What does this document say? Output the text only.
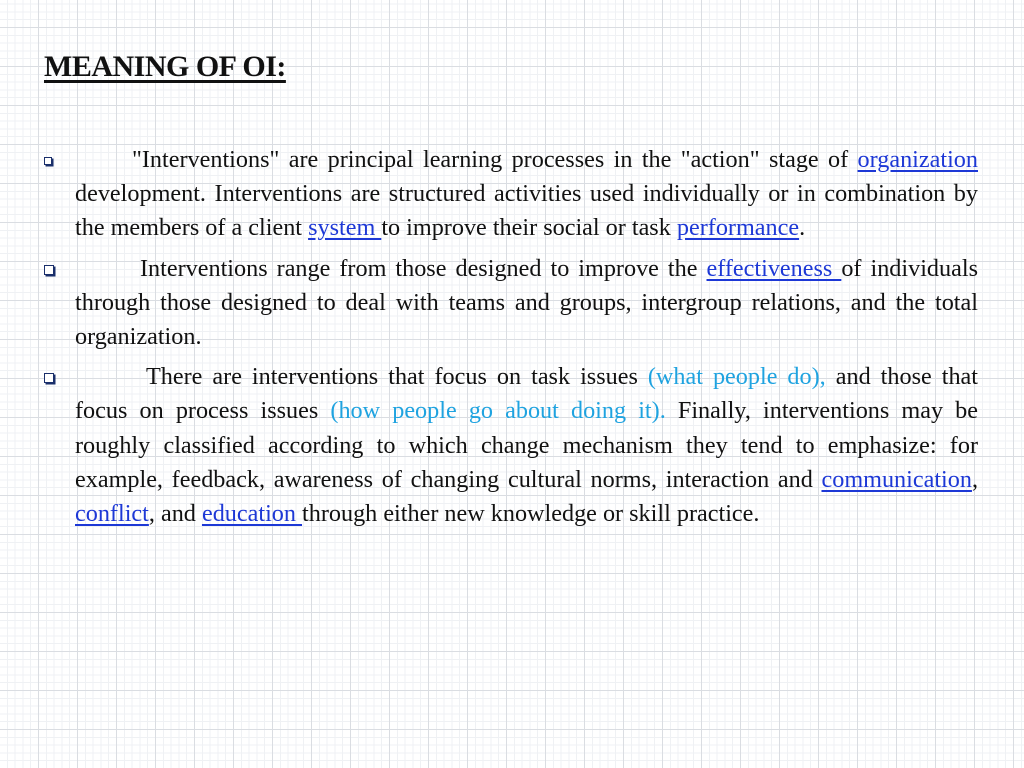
MEANING OF OI:
"Interventions" are principal learning processes in the "action" stage of organization development. Interventions are structured activities used individually or in combination by the members of a client system to improve their social or task performance.
Interventions range from those designed to improve the effectiveness of individuals through those designed to deal with teams and groups, intergroup relations, and the total organization.
There are interventions that focus on task issues (what people do), and those that focus on process issues (how people go about doing it). Finally, interventions may be roughly classified according to which change mechanism they tend to emphasize: for example, feedback, awareness of changing cultural norms, interaction and communication, conflict, and education through either new knowledge or skill practice.
